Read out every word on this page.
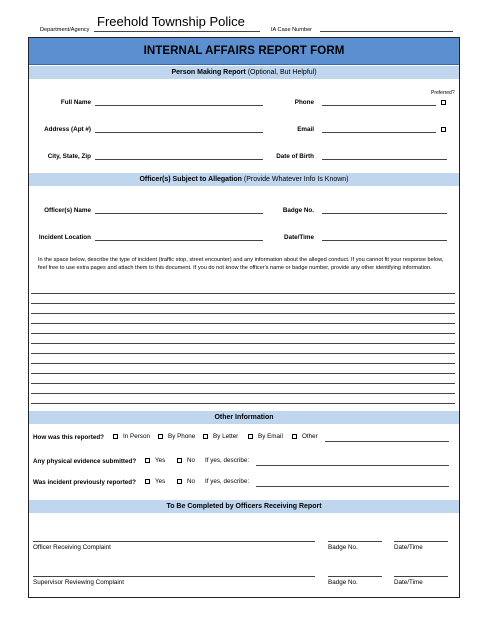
Department/Agency
Freehold Township Police
IA Case Number
INTERNAL AFFAIRS REPORT FORM
Person Making Report
(Optional, But Helpful)
Preferred?
Full Name	Phone
Address (Apt #)	Email
City, State, Zip	Date of Birth
Officer(s) Subject to Allegation
(Provide Whatever Info Is Known)
Officer(s) Name	Badge No.
Incident Location	Date/Time
In the space below, describe the type of incident (traffic stop, street encounter) and any information about the alleged conduct. If you cannot fit your response below, feel free to use extra pages and attach them to this document. If you do not know the officer's name or badge number, provide any other identifying information.
Other Information
How was this reported?	In Person	By Phone	By Letter	By Email	Other
Any physical evidence submitted?	Yes	No If yes, describe:
Was incident previously reported?	Yes	No If yes, describe:
To Be Completed by Officers Receiving Report
Officer Receiving Complaint	Badge No.	Date/Time
Supervisor Reviewing Complaint	Badge No.	Date/Time
